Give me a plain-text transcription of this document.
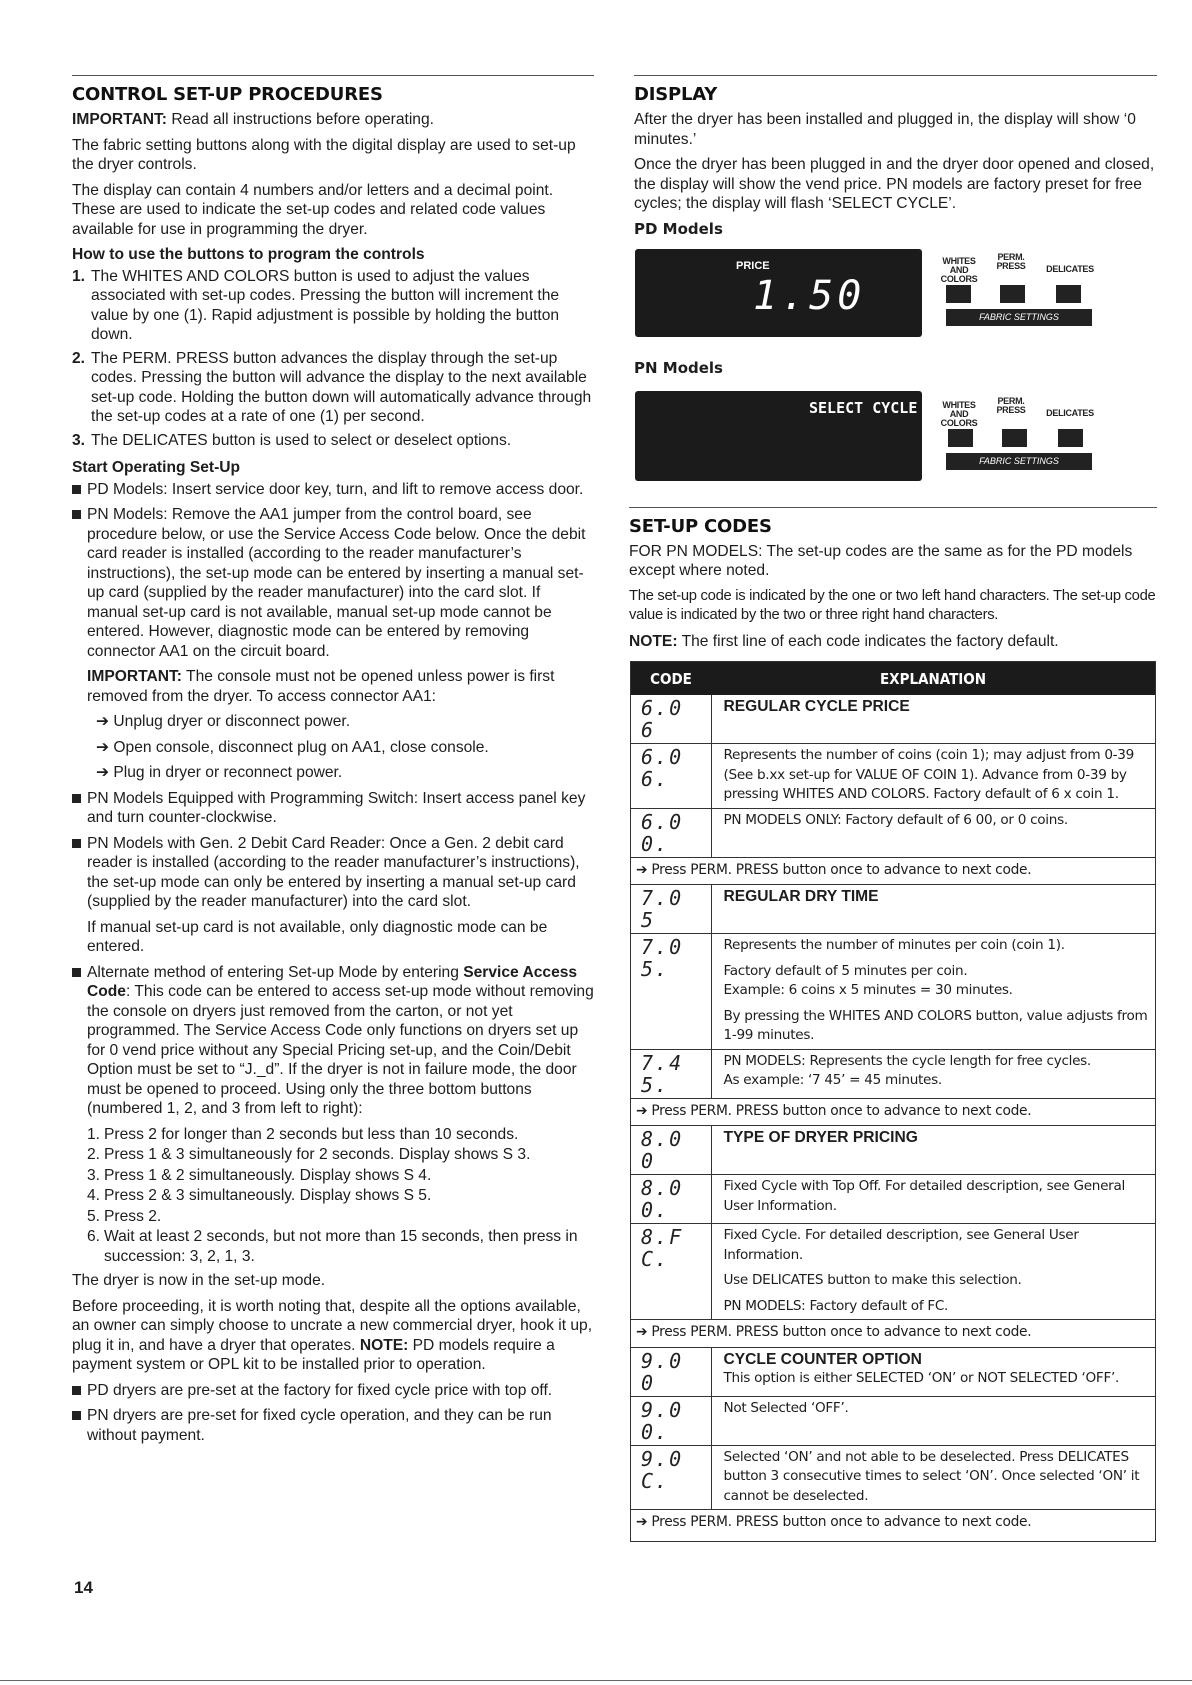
CONTROL SET-UP PROCEDURES

IMPORTANT: Read all instructions before operating.

The fabric setting buttons along with the digital display are used to set-up the dryer controls.

The display can contain 4 numbers and/or letters and a decimal point. These are used to indicate the set-up codes and related code values available for use in programming the dryer.

How to use the buttons to program the controls

1. The WHITES AND COLORS button is used to adjust the values associated with set-up codes. Pressing the button will increment the value by one (1). Rapid adjustment is possible by holding the button down.
2. The PERM. PRESS button advances the display through the set-up codes. Pressing the button will advance the display to the next available set-up code. Holding the button down will automatically advance through the set-up codes at a rate of one (1) per second.
3. The DELICATES button is used to select or deselect options.

Start Operating Set-Up

PD Models: Insert service door key, turn, and lift to remove access door.
PN Models: Remove the AA1 jumper from the control board, see procedure below, or use the Service Access Code below. Once the debit card reader is installed (according to the reader manufacturer’s instructions), the set-up mode can be entered by inserting a manual set-up card (supplied by the reader manufacturer) into the card slot. If manual set-up card is not available, manual set-up mode cannot be entered. However, diagnostic mode can be entered by removing connector AA1 on the circuit board.
IMPORTANT: The console must not be opened unless power is first removed from the dryer. To access connector AA1:
➔ Unplug dryer or disconnect power.
➔ Open console, disconnect plug on AA1, close console.
➔ Plug in dryer or reconnect power.
PN Models Equipped with Programming Switch: Insert access panel key and turn counter-clockwise.
PN Models with Gen. 2 Debit Card Reader: Once a Gen. 2 debit card reader is installed (according to the reader manufacturer’s instructions), the set-up mode can only be entered by inserting a manual set-up card (supplied by the reader manufacturer) into the card slot.
If manual set-up card is not available, only diagnostic mode can be entered.
Alternate method of entering Set-up Mode by entering Service Access Code: This code can be entered to access set-up mode without removing the console on dryers just removed from the carton, or not yet programmed. The Service Access Code only functions on dryers set up for 0 vend price without any Special Pricing set-up, and the Coin/Debit Option must be set to “J._d”. If the dryer is not in failure mode, the door must be opened to proceed. Using only the three bottom buttons (numbered 1, 2, and 3 from left to right):
1. Press 2 for longer than 2 seconds but less than 10 seconds.
2. Press 1 & 3 simultaneously for 2 seconds. Display shows S 3.
3. Press 1 & 2 simultaneously. Display shows S 4.
4. Press 2 & 3 simultaneously. Display shows S 5.
5. Press 2.
6. Wait at least 2 seconds, but not more than 15 seconds, then press in succession: 3, 2, 1, 3.

The dryer is now in the set-up mode.

Before proceeding, it is worth noting that, despite all the options available, an owner can simply choose to uncrate a new commercial dryer, hook it up, plug it in, and have a dryer that operates. NOTE: PD models require a payment system or OPL kit to be installed prior to operation.

PD dryers are pre-set at the factory for fixed cycle price with top off.
PN dryers are pre-set for fixed cycle operation, and they can be run without payment.
14
DISPLAY

After the dryer has been installed and plugged in, the display will show ‘0 minutes.’

Once the dryer has been plugged in and the dryer door opened and closed, the display will show the vend price. PN models are factory preset for free cycles; the display will flash ‘SELECT CYCLE’.

PD Models

PRICE
1.50
WHITES AND COLORS
PERM. PRESS	DELICATES
FABRIC SETTINGS

PN Models

SELECT CYCLE	WHITES AND COLORS
PERM. PRESS	DELICATES
FABRIC SETTINGS
SET-UP CODES

FOR PN MODELS: The set-up codes are the same as for the PD models except where noted.

The set-up code is indicated by the one or two left hand characters. The set-up code value is indicated by the two or three right hand characters.

NOTE: The first line of each code indicates the factory default.

CODE	EXPLANATION
6.0 6	REGULAR CYCLE PRICE
6.0 6.	Represents the number of coins (coin 1); may adjust from 0-39 (See b.xx set-up for VALUE OF COIN 1). Advance from 0-39 by pressing WHITES AND COLORS. Factory default of 6 x coin 1.
6.0 0.	PN MODELS ONLY: Factory default of 6 00, or 0 coins.
➔ Press PERM. PRESS button once to advance to next code.	
7.0 5	REGULAR DRY TIME
7.0 5.	Represents the number of minutes per coin (coin 1).
Factory default of 5 minutes per coin.
Example: 6 coins x 5 minutes = 30 minutes.
By pressing the WHITES AND COLORS button, value adjusts from 1-99 minutes.

7.4 5.	PN MODELS: Represents the cycle length for free cycles.
As example: ‘7 45’ = 45 minutes.

➔ Press PERM. PRESS button once to advance to next code.	
8.0 0	TYPE OF DRYER PRICING
8.0 0.	Fixed Cycle with Top Off. For detailed description, see General User Information.
8.F C.	Fixed Cycle. For detailed description, see General User Information.
Use DELICATES button to make this selection.
PN MODELS: Factory default of FC.

➔ Press PERM. PRESS button once to advance to next code.	
9.0 0	CYCLE COUNTER OPTION
This option is either SELECTED ‘ON’ or NOT SELECTED ‘OFF’.

9.0 0.	Not Selected ‘OFF’.
9.0 C.	Selected ‘ON’ and not able to be deselected. Press DELICATES button 3 consecutive times to select ‘ON’. Once selected ‘ON’ it cannot be deselected.
➔ Press PERM. PRESS button once to advance to next code.	
